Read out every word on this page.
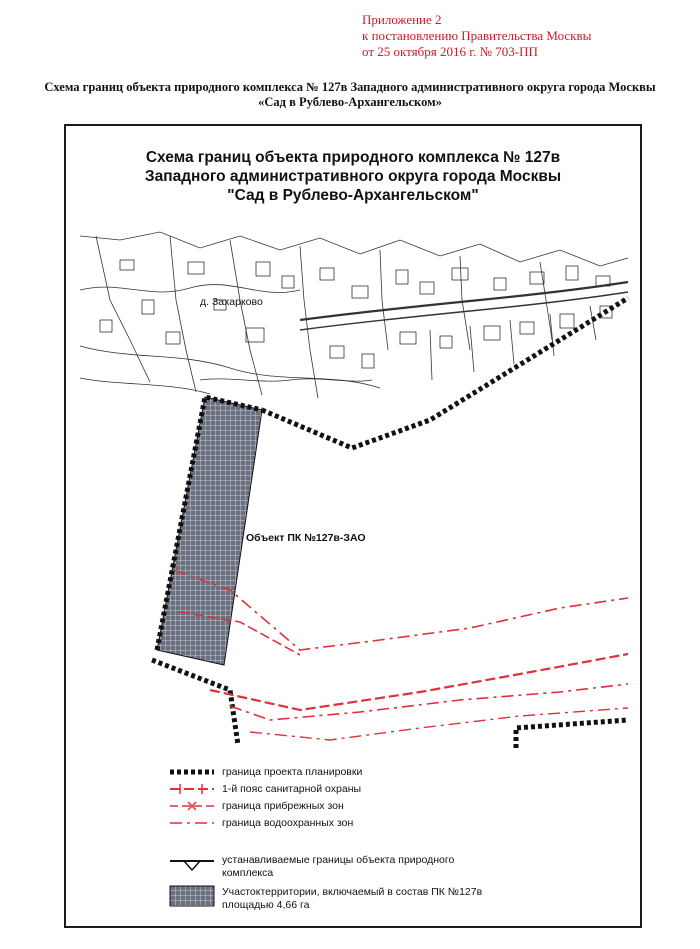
Приложение 2
к постановлению Правительства Москвы
от 25 октября 2016 г. № 703-ПП
Схема границ объекта природного комплекса № 127в Западного административного округа города Москвы
«Сад в Рублево-Архангельском»
Схема границ объекта природного комплекса № 127в
Западного административного округа города Москвы
"Сад в Рублево-Архангельском"
д. Захарково
Объект ПК №127в-ЗАО
граница проекта планировки
1-й пояс санитарной охраны
граница прибрежных зон
граница водоохранных зон
устанавливаемые границы объекта природного
комплекса
Участоктерритории, включаемый в состав ПК №127в
площадью 4,66 га
